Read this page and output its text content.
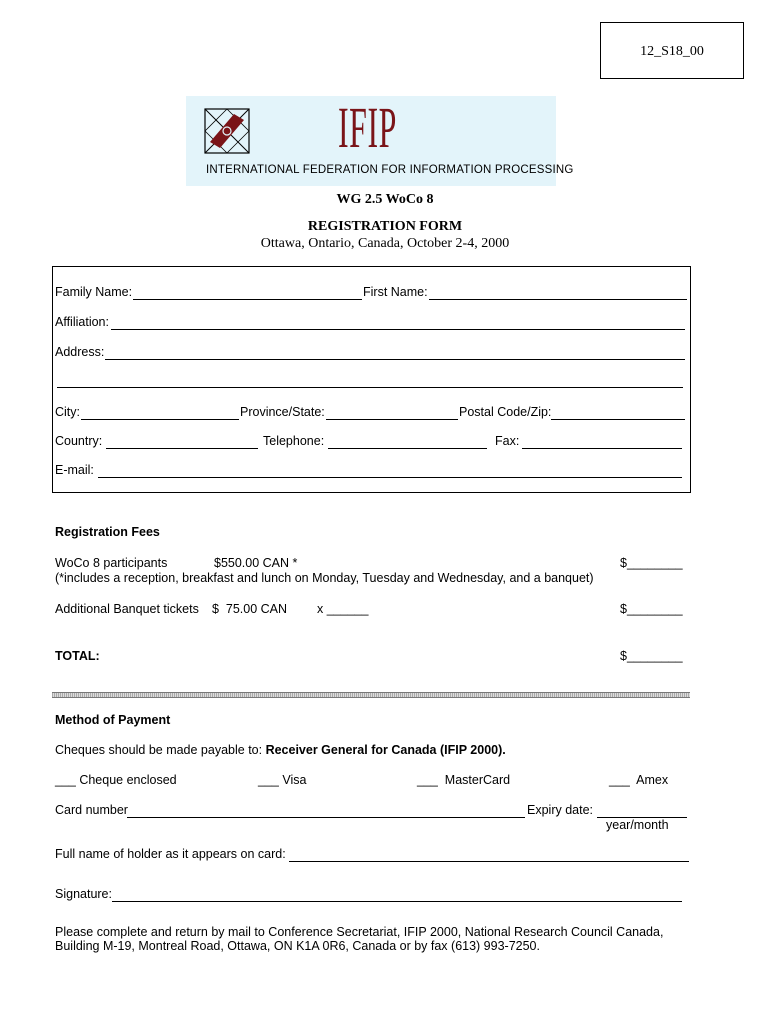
12_S18_00
IFIP
INTERNATIONAL FEDERATION FOR INFORMATION PROCESSING
WG 2.5 WoCo 8
REGISTRATION FORM
Ottawa, Ontario, Canada, October 2-4, 2000
Family Name:	First Name:
Affiliation:
Address:
City:	Province/State:	Postal Code/Zip:
Country:	Telephone:	Fax:
E-mail:
Registration Fees
WoCo 8 participants	$550.00 CAN *	$________
(*includes a reception, breakfast and lunch on Monday, Tuesday and Wednesday, and a banquet)
Additional Banquet tickets $  75.00 CAN x ______	$________
TOTAL:	$________
Method of Payment
Cheques should be made payable to: Receiver General for Canada (IFIP 2000).
___ Cheque enclosed	___ Visa	___  MasterCard	___  Amex
Card number	Expiry date:
year/month
Full name of holder as it appears on card:
Signature:
Please complete and return by mail to Conference Secretariat, IFIP 2000, National Research Council Canada,
Building M-19, Montreal Road, Ottawa, ON K1A 0R6, Canada or by fax (613) 993-7250.
